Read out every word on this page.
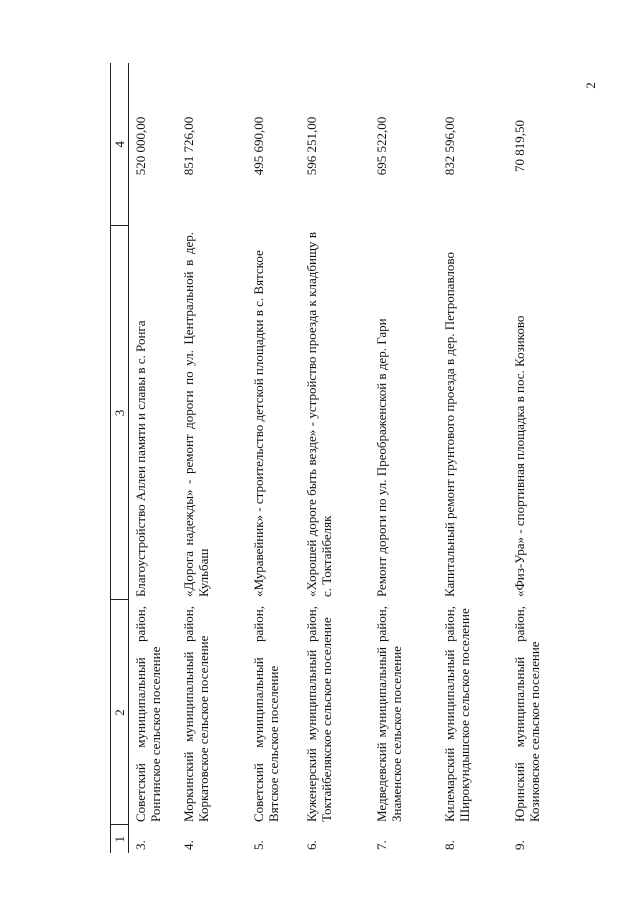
2
1	2	3	4
3.	Советский муниципальный район, Ронгинское сельское поселение	Благоустройство Аллеи памяти и славы в с. Ронга	520 000,00
4.	Моркинский муниципальный район, Коркатовское сельское поселение	«Дорога надежды» - ремонт дороги по ул. Центральной в дер. Кульбаш	851 726,00
5.	Советский муниципальный район, Вятское сельское поселение	«Муравейник» - строительство детской площадки в с. Вятское	495 690,00
6.	Куженерский муниципальный район, Токтайбелякское сельское поселение	«Хорошей дороге быть везде» - устройство проезда к кладбищу в с. Токтайбеляк	596 251,00
7.	Медведевский муниципальный район, Знаменское сельское поселение	Ремонт дороги по ул. Преображенской в дер. Гари	695 522,00
8.	Килемарский муниципальный район, Широкундышское сельское поселение	Капитальный ремонт грунтового проезда в дер. Петропавлово	832 596,00
9.	Юринский муниципальный район, Козиковское сельское поселение	«Физ-Ура» - спортивная площадка в пос. Козиково	70 819,50
